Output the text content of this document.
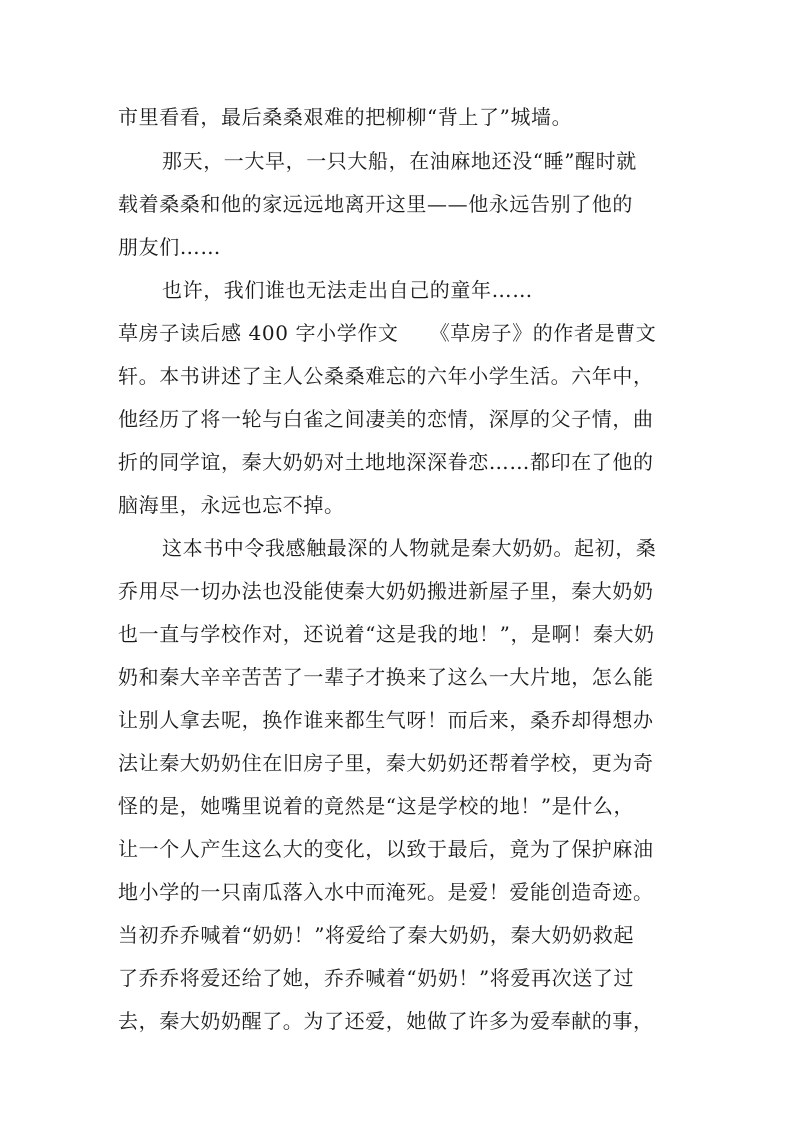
市里看看，最后桑桑艰难的把柳柳“背上了”城墙。
那天，一大早，一只大船，在油麻地还没“睡”醒时就
载着桑桑和他的家远远地离开这里——他永远告别了他的
朋友们……
也许，我们谁也无法走出自己的童年……
草房子读后感 400 字小学作文　　《草房子》的作者是曹文
轩。本书讲述了主人公桑桑难忘的六年小学生活。六年中，
他经历了将一轮与白雀之间凄美的恋情，深厚的父子情，曲
折的同学谊，秦大奶奶对土地地深深眷恋……都印在了他的
脑海里，永远也忘不掉。
这本书中令我感触最深的人物就是秦大奶奶。起初，桑
乔用尽一切办法也没能使秦大奶奶搬进新屋子里，秦大奶奶
也一直与学校作对，还说着“这是我的地！”，是啊！秦大奶
奶和秦大辛辛苦苦了一辈子才换来了这么一大片地，怎么能
让别人拿去呢，换作谁来都生气呀！而后来，桑乔却得想办
法让秦大奶奶住在旧房子里，秦大奶奶还帮着学校，更为奇
怪的是，她嘴里说着的竟然是“这是学校的地！”是什么，
让一个人产生这么大的变化，以致于最后，竟为了保护麻油
地小学的一只南瓜落入水中而淹死。是爱！爱能创造奇迹。
当初乔乔喊着“奶奶！”将爱给了秦大奶奶，秦大奶奶救起
了乔乔将爱还给了她，乔乔喊着“奶奶！”将爱再次送了过
去，秦大奶奶醒了。为了还爱，她做了许多为爱奉献的事，
